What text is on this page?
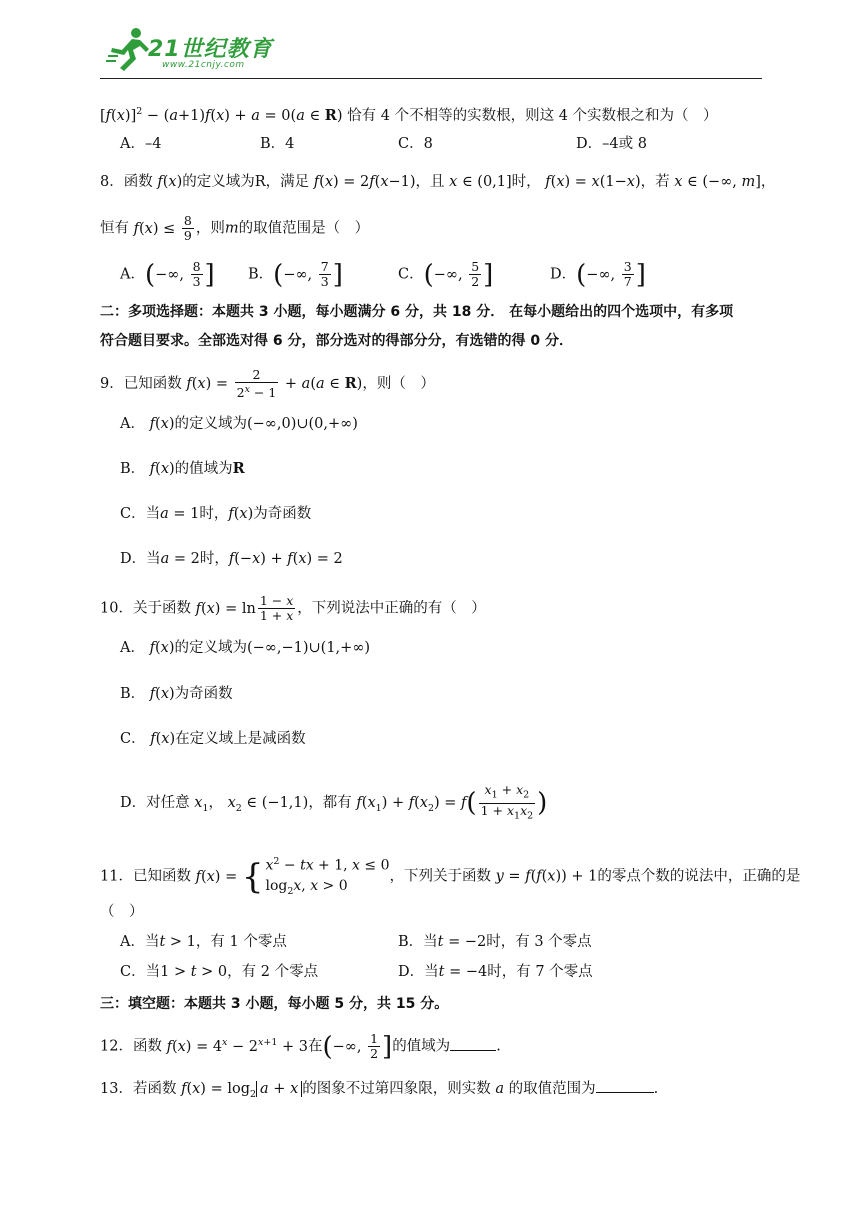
21世纪教育
www.21cnjy.com
$[f(x)]^2 - (a+1)f(x) + a = 0(a$ ∈ R) 恰有 4 个不相等的实数根，则这 4 个实数根之和为（　）
A．–4	B．4	C．8	D．–4或 8
8．函数 f(x)的定义域为R，满足 f(x) = 2f(x−1)，且 x ∈ (0,1]时， f(x) = x(1−x)，若 x ∈ (−∞, m]，
恒有 $f(x) \le \frac{8}{9}$ ，则m的取值范围是（　）
A．(−∞, $\frac{8}{3}$ ] B．(−∞, $\frac{7}{3}$ ]	C．(−∞, $\frac{5}{2}$ ]	D．(−∞, $\frac{3}{7}$ ]
二：多项选择题：本题共 3 小题，每小题满分 6 分，共 18 分． 在每小题给出的四个选项中，有多项
符合题目要求。全部选对得 6 分，部分选对的得部分分，有选错的得 0 分．
9．已知函数 $f(x) = \frac{2}{2^x - 1} + a(a$ ∈ R)，则（　）
A． f(x)的定义域为(−∞,0)∪(0,+∞)
B． f(x)的值域为R
C．当a = 1时，f(x)为奇函数
D．当a = 2时，f(−x) + f(x) = 2
10．关于函数 $f(x) = \ln \frac{1 - x}{1 + x}$ ，下列说法中正确的有（　）
A． f(x)的定义域为(−∞,−1)∪(1,+∞)
B． f(x)为奇函数
C． f(x)在定义域上是减函数
D．对任意 $x_1$， $x_2$ ∈ (−1,1)，都有 $f(x_1) + f(x_2) = f( \frac{x_1 + x_2}{1 + x_1x_2}$ )
11．已知函数 f(x) = { $x^2$ − tx + 1, x ≤ 0
$\log_2x$, x > 0
，下列关于函数 y = f(f(x)) + 1的零点个数的说法中，正确的是
（　）
A．当t > 1，有 1 个零点	B．当t = −2时，有 3 个零点
C．当1 > t > 0，有 2 个零点	D．当t = −4时，有 7 个零点
三：填空题：本题共 3 小题，每小题 5 分，共 15 分。
12．函数 $f(x) = 4^x - 2^{x+1} + 3$在(−∞, $\frac{1}{2}$ ]的值域为	.
13．若函数 $f(x) = \log_2 a + x$ 的图象不过第四象限，则实数 a 的取值范围为	.
